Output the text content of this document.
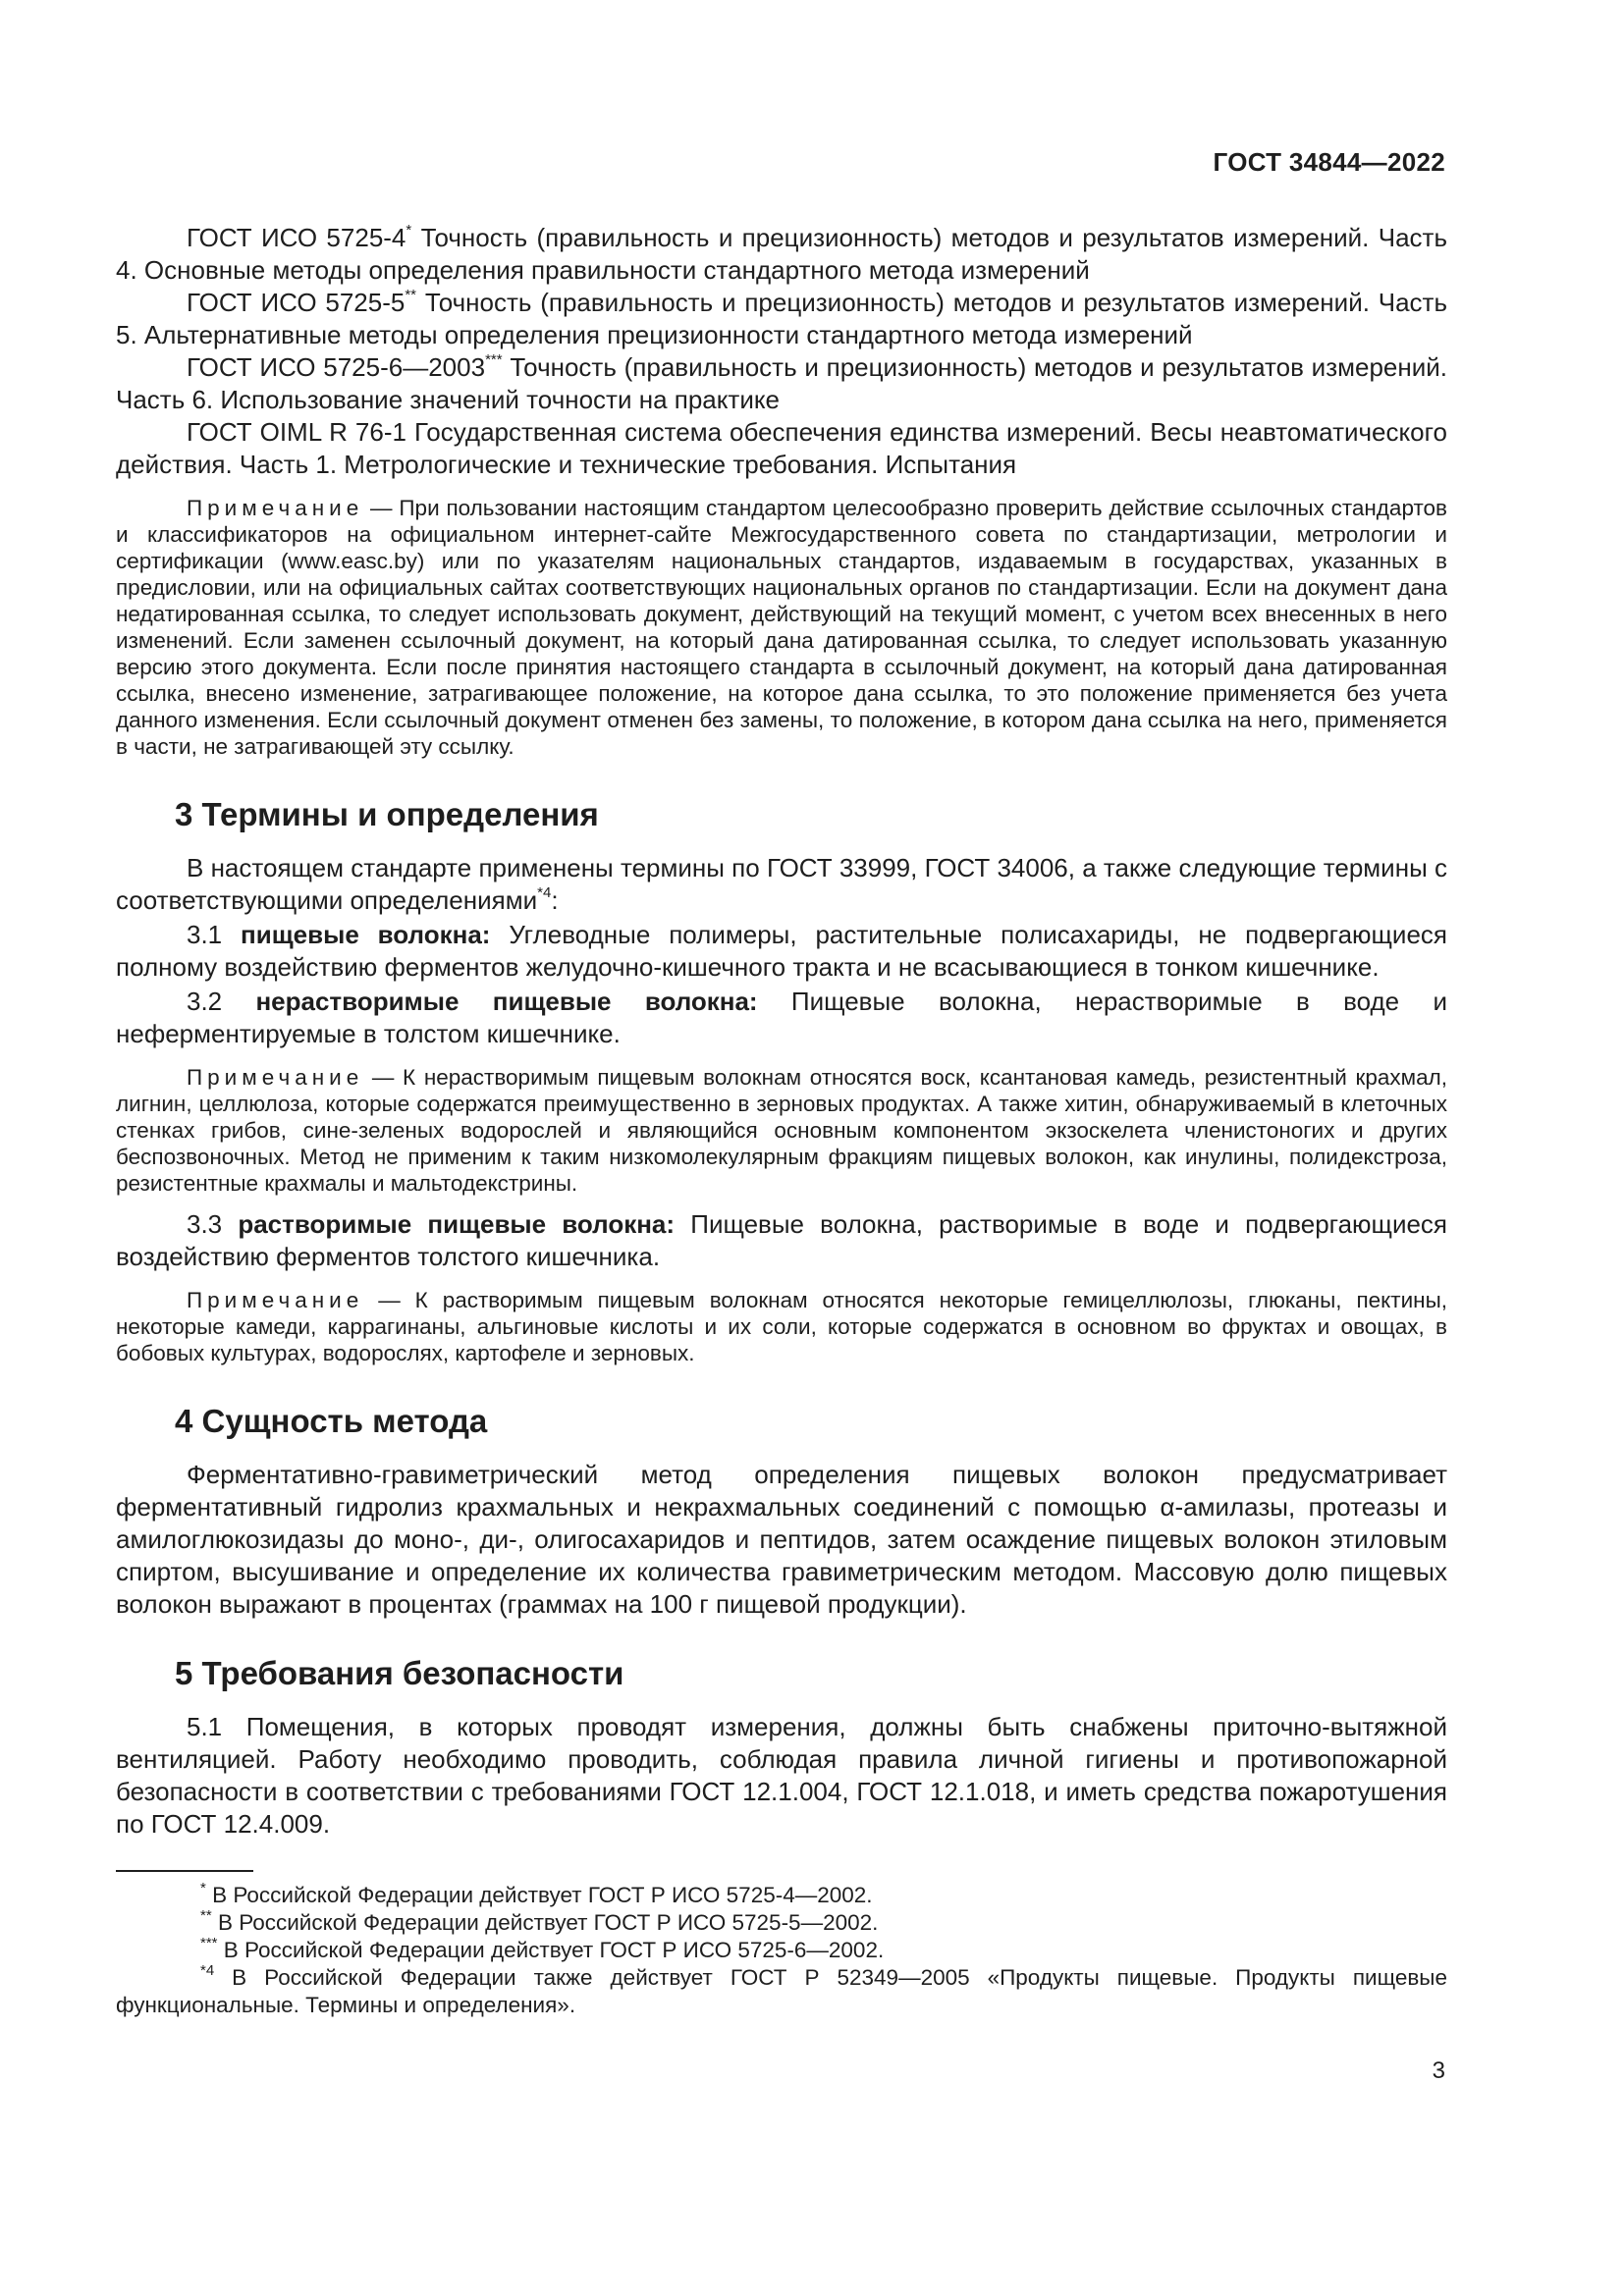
ГОСТ 34844—2022

ГОСТ ИСО 5725-4* Точность (правильность и прецизионность) методов и результатов измерений. Часть 4. Основные методы определения правильности стандартного метода измерений

ГОСТ ИСО 5725-5** Точность (правильность и прецизионность) методов и результатов измерений. Часть 5. Альтернативные методы определения прецизионности стандартного метода измерений

ГОСТ ИСО 5725-6—2003*** Точность (правильность и прецизионность) методов и результатов измерений. Часть 6. Использование значений точности на практике

ГОСТ OIML R 76-1 Государственная система обеспечения единства измерений. Весы неавтоматического действия. Часть 1. Метрологические и технические требования. Испытания

Примечание — При пользовании настоящим стандартом целесообразно проверить действие ссылочных стандартов и классификаторов на официальном интернет-сайте Межгосударственного совета по стандартизации, метрологии и сертификации (www.easc.by) или по указателям национальных стандартов, издаваемым в государствах, указанных в предисловии, или на официальных сайтах соответствующих национальных органов по стандартизации. Если на документ дана недатированная ссылка, то следует использовать документ, действующий на текущий момент, с учетом всех внесенных в него изменений. Если заменен ссылочный документ, на который дана датированная ссылка, то следует использовать указанную версию этого документа. Если после принятия настоящего стандарта в ссылочный документ, на который дана датированная ссылка, внесено изменение, затрагивающее положение, на которое дана ссылка, то это положение применяется без учета данного изменения. Если ссылочный документ отменен без замены, то положение, в котором дана ссылка на него, применяется в части, не затрагивающей эту ссылку.

3 Термины и определения

В настоящем стандарте применены термины по ГОСТ 33999, ГОСТ 34006, а также следующие термины с соответствующими определениями$^{*4}$:

3.1 пищевые волокна: Углеводные полимеры, растительные полисахариды, не подвергающиеся полному воздействию ферментов желудочно-кишечного тракта и не всасывающиеся в тонком кишечнике.

3.2 нерастворимые пищевые волокна: Пищевые волокна, нерастворимые в воде и неферментируемые в толстом кишечнике.

Примечание — К нерастворимым пищевым волокнам относятся воск, ксантановая камедь, резистентный крахмал, лигнин, целлюлоза, которые содержатся преимущественно в зерновых продуктах. А также хитин, обнаруживаемый в клеточных стенках грибов, сине-зеленых водорослей и являющийся основным компонентом экзоскелета членистоногих и других беспозвоночных. Метод не применим к таким низкомолекулярным фракциям пищевых волокон, как инулины, полидекстроза, резистентные крахмалы и мальтодекстрины.

3.3 растворимые пищевые волокна: Пищевые волокна, растворимые в воде и подвергающиеся воздействию ферментов толстого кишечника.

Примечание — К растворимым пищевым волокнам относятся некоторые гемицеллюлозы, глюканы, пектины, некоторые камеди, каррагинаны, альгиновые кислоты и их соли, которые содержатся в основном во фруктах и овощах, в бобовых культурах, водорослях, картофеле и зерновых.

4 Сущность метода

Ферментативно-гравиметрический метод определения пищевых волокон предусматривает ферментативный гидролиз крахмальных и некрахмальных соединений с помощью α-амилазы, протеазы и амилоглюкозидазы до моно-, ди-, олигосахаридов и пептидов, затем осаждение пищевых волокон этиловым спиртом, высушивание и определение их количества гравиметрическим методом. Массовую долю пищевых волокон выражают в процентах (граммах на 100 г пищевой продукции).

5 Требования безопасности

5.1 Помещения, в которых проводят измерения, должны быть снабжены приточно-вытяжной вентиляцией. Работу необходимо проводить, соблюдая правила личной гигиены и противопожарной безопасности в соответствии с требованиями ГОСТ 12.1.004, ГОСТ 12.1.018, и иметь средства пожаротушения по ГОСТ 12.4.009.

* В Российской Федерации действует ГОСТ Р ИСО 5725-4—2002.

** В Российской Федерации действует ГОСТ Р ИСО 5725-5—2002.

*** В Российской Федерации действует ГОСТ Р ИСО 5725-6—2002.

$^{*4}$ В Российской Федерации также действует ГОСТ Р 52349—2005 «Продукты пищевые. Продукты пищевые функциональные. Термины и определения».

3
